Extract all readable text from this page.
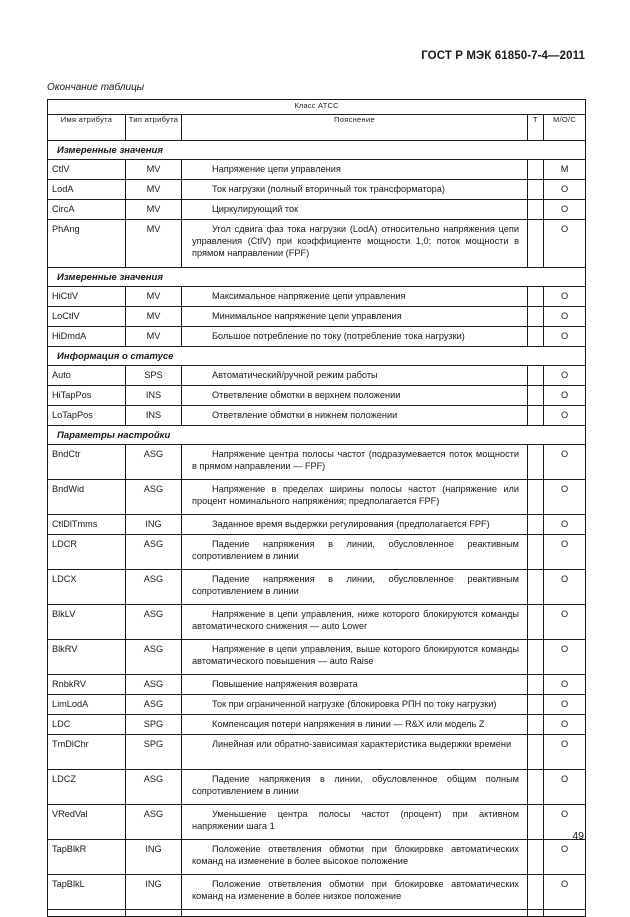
ГОСТ Р МЭК 61850-7-4—2011
Окончание таблицы
Класс ATCC				
Имя атрибута	Тип атрибута	Пояснение	T	M/O/C
Измеренные значения				
CtlV	MV	Напряжение цепи управления		M
LodA	MV	Ток нагрузки (полный вторичный ток трансформатора)		O
CircA	MV	Циркулирующий ток		O
PhAng	MV	Угол сдвига фаз тока нагрузки (LodA) относительно напряжения цепи управления (CtlV) при коэффициенте мощности 1,0; поток мощности в прямом направлении (FPF)		O
Измеренные значения				
HiCtlV	MV	Максимальное напряжение цепи управления		O
LoCtlV	MV	Минимальное напряжение цепи управления		O
HiDmdA	MV	Большое потребление по току (потребление тока нагрузки)		O
Информация о статусе				
Auto	SPS	Автоматический/ручной режим работы		O
HiTapPos	INS	Ответвление обмотки в верхнем положении		O
LoTapPos	INS	Ответвление обмотки в нижнем положении		O
Параметры настройки				
BndCtr	ASG	Напряжение центра полосы частот (подразумевается поток мощности в прямом направлении — FPF)		O
BndWid	ASG	Напряжение в пределах ширины полосы частот (напряжение или процент номинального напряжения; предполагается FPF)		O
CtlDlTmms	ING	Заданное время выдержки регулирования (предполагается FPF)		O
LDCR	ASG	Падение напряжения в линии, обусловленное реактивным сопротивлением в линии		O
LDCX	ASG	Падение напряжения в линии, обусловленное реактивным сопротивлением в линии		O
BlkLV	ASG	Напряжение в цепи управления, ниже которого блокируются команды автоматического снижения — auto Lower		O
BlkRV	ASG	Напряжение в цепи управления, выше которого блокируются команды автоматического повышения — auto Raise		O
RnbkRV	ASG	Повышение напряжения возврата		O
LimLodA	ASG	Ток при ограниченной нагрузке (блокировка РПН по току нагрузки)		O
LDC	SPG	Компенсация потери напряжения в линии — R&X или модель Z		O
TmDlChr	SPG	Линейная или обратно-зависимая характеристика выдержки времени		O
LDCZ	ASG	Падение напряжения в линии, обусловленное общим полным сопротивлением в линии		O
VRedVal	ASG	Уменьшение центра полосы частот (процент) при активном напряжении шага 1		O
TapBlkR	ING	Положение ответвления обмотки при блокировке автоматических команд на изменение в более высокое положение		O
TapBlkL	ING	Положение ответвления обмотки при блокировке автоматических команд на изменение в более низкое положение		O

49
